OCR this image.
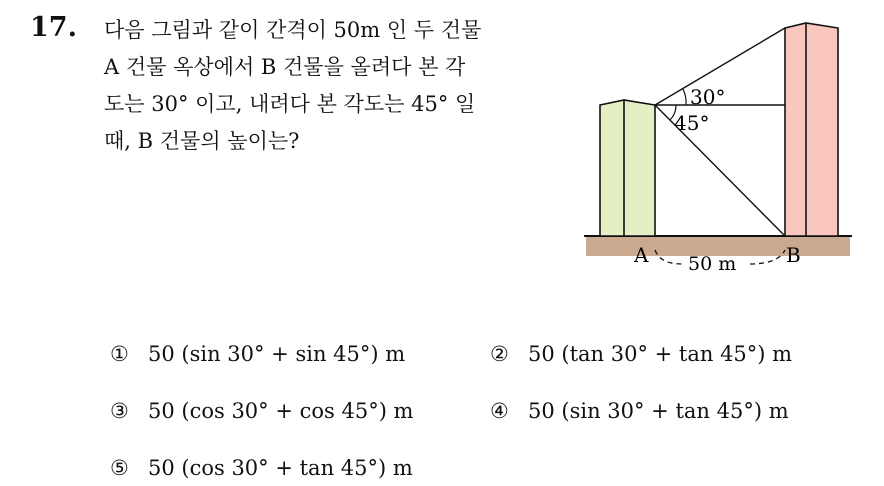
17. 다음 그림과 같이 간격이 50m 인 두 건물
A 건물 옥상에서 B 건물을 올려다 본 각
도는 30° 이고, 내려다 본 각도는 45° 일
때, B 건물의 높이는?
30°
45°
A	B
50 m
① 50 (sin 30° + sin 45°) m	② 50 (tan 30° + tan 45°) m
③ 50 (cos 30° + cos 45°) m	④ 50 (sin 30° + tan 45°) m
⑤ 50 (cos 30° + tan 45°) m
